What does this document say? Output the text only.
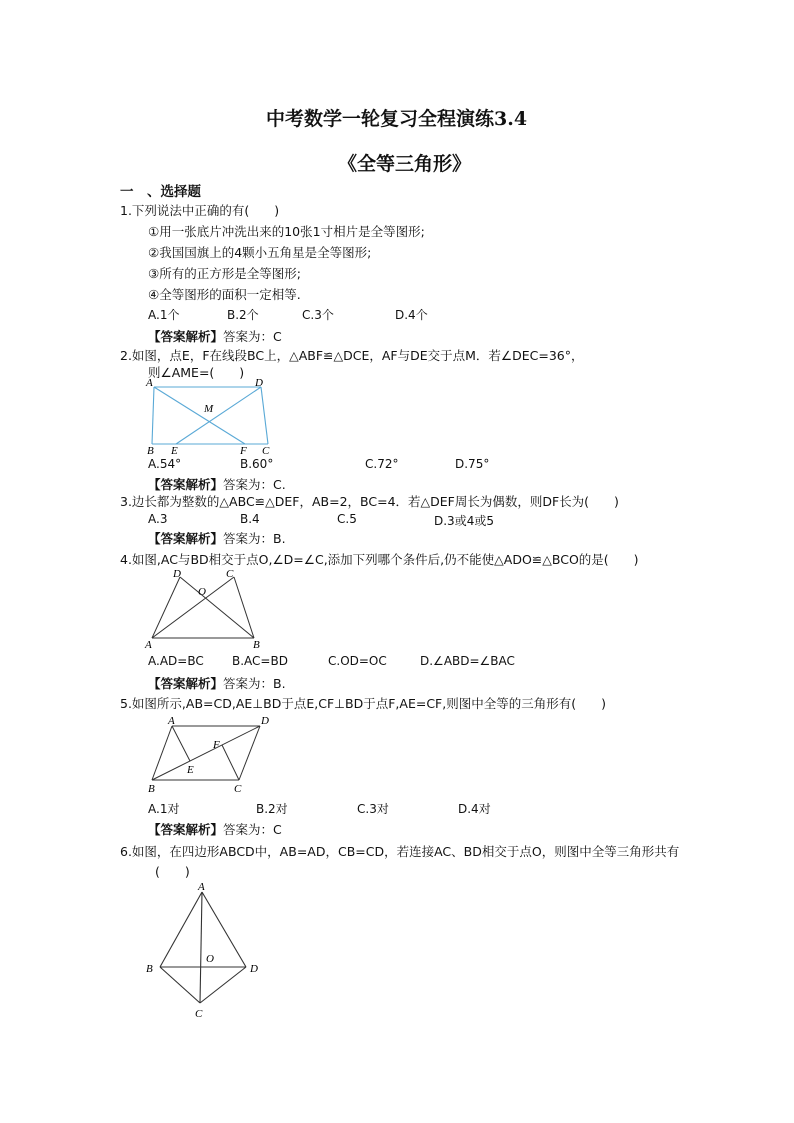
中考数学一轮复习全程演练3.4
《全等三角形》
一　、选择题
1.下列说法中正确的有(　　)
①用一张底片冲洗出来的10张1寸相片是全等图形;
②我国国旗上的4颗小五角星是全等图形;
③所有的正方形是全等图形;
④全等图形的面积一定相等.
A.1个	B.2个	C.3个	D.4个
【答案解析】答案为：C
2.如图，点E，F在线段BC上，△ABF≌△DCE，AF与DE交于点M．若∠DEC=36°，
则∠AME=(　　)
A	D
M
B E	F C
A.54°	B.60°	C.72°	D.75°
【答案解析】答案为：C.
3.边长都为整数的△ABC≌△DEF，AB=2，BC=4．若△DEF周长为偶数，则DF长为(　　)
A.3	B.4	C.5	D.3或4或5
【答案解析】答案为：B.
4.如图,AC与BD相交于点O,∠D=∠C,添加下列哪个条件后,仍不能使△ADO≌△BCO的是(　　)
D	C
O
A	B
A.AD=BC B.AC=BD	C.OD=OC	D.∠ABD=∠BAC
【答案解析】答案为：B.
5.如图所示,AB=CD,AE⊥BD于点E,CF⊥BD于点F,AE=CF,则图中全等的三角形有(　　)
A	D
F
E
B	C
A.1对	B.2对	C.3对	D.4对
【答案解析】答案为：C
6.如图，在四边形ABCD中，AB=AD，CB=CD，若连接AC、BD相交于点O，则图中全等三角形共有
(　　)
A
B
O
D
C
